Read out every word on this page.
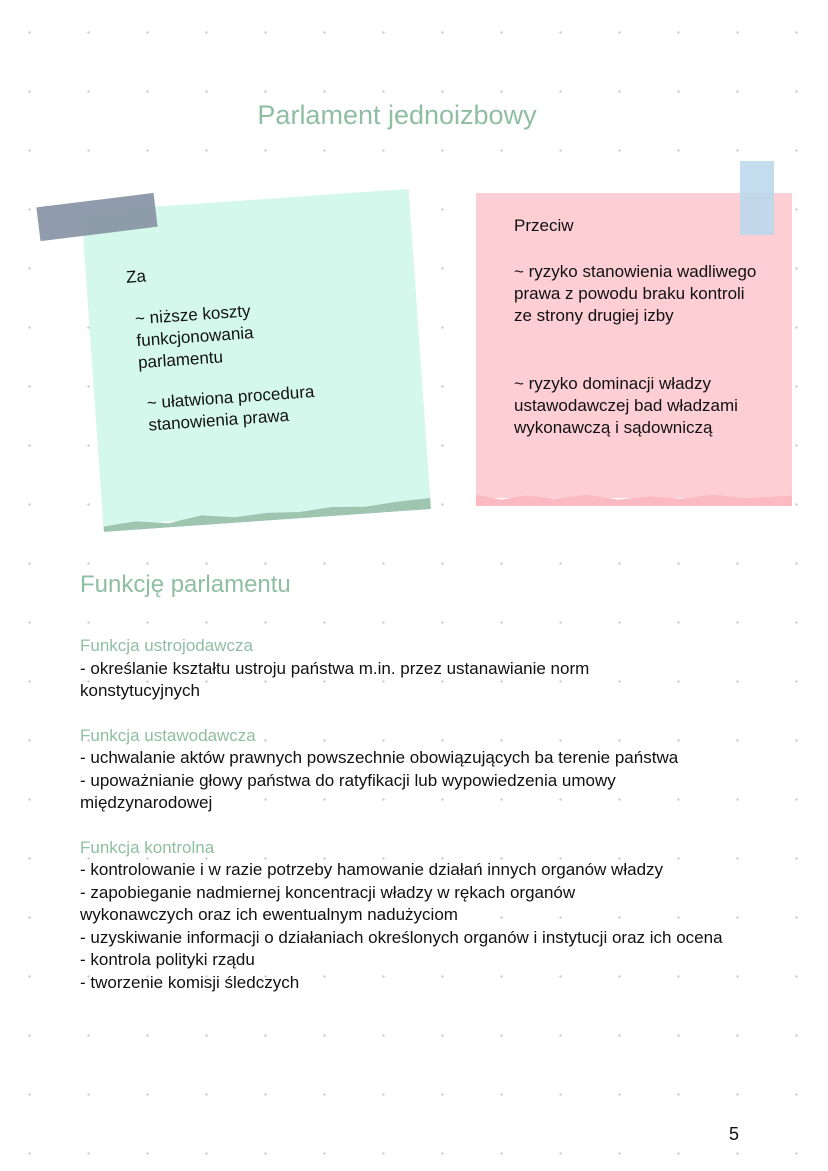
Parlament jednoizbowy
Za
~ niższe koszty funkcjonowania parlamentu
~ ułatwiona procedura stanowienia prawa
Przeciw
~ ryzyko stanowienia wadliwego prawa z powodu braku kontroli ze strony drugiej izby
~ ryzyko dominacji władzy ustawodawczej bad władzami wykonawczą i sądowniczą
Funkcję parlamentu
Funkcja ustrojodawcza
- określanie kształtu ustroju państwa m.in. przez ustanawianie norm konstytucyjnych
Funkcja ustawodawcza
- uchwalanie aktów prawnych powszechnie obowiązujących ba terenie państwa
- upoważnianie głowy państwa do ratyfikacji lub wypowiedzenia umowy międzynarodowej
Funkcja kontrolna
- kontrolowanie i w razie potrzeby hamowanie działań innych organów władzy
- zapobieganie nadmiernej koncentracji władzy w rękach organów wykonawczych oraz ich ewentualnym nadużyciom
- uzyskiwanie informacji o działaniach określonych organów i instytucji oraz ich ocena
- kontrola polityki rządu
- tworzenie komisji śledczych
5
